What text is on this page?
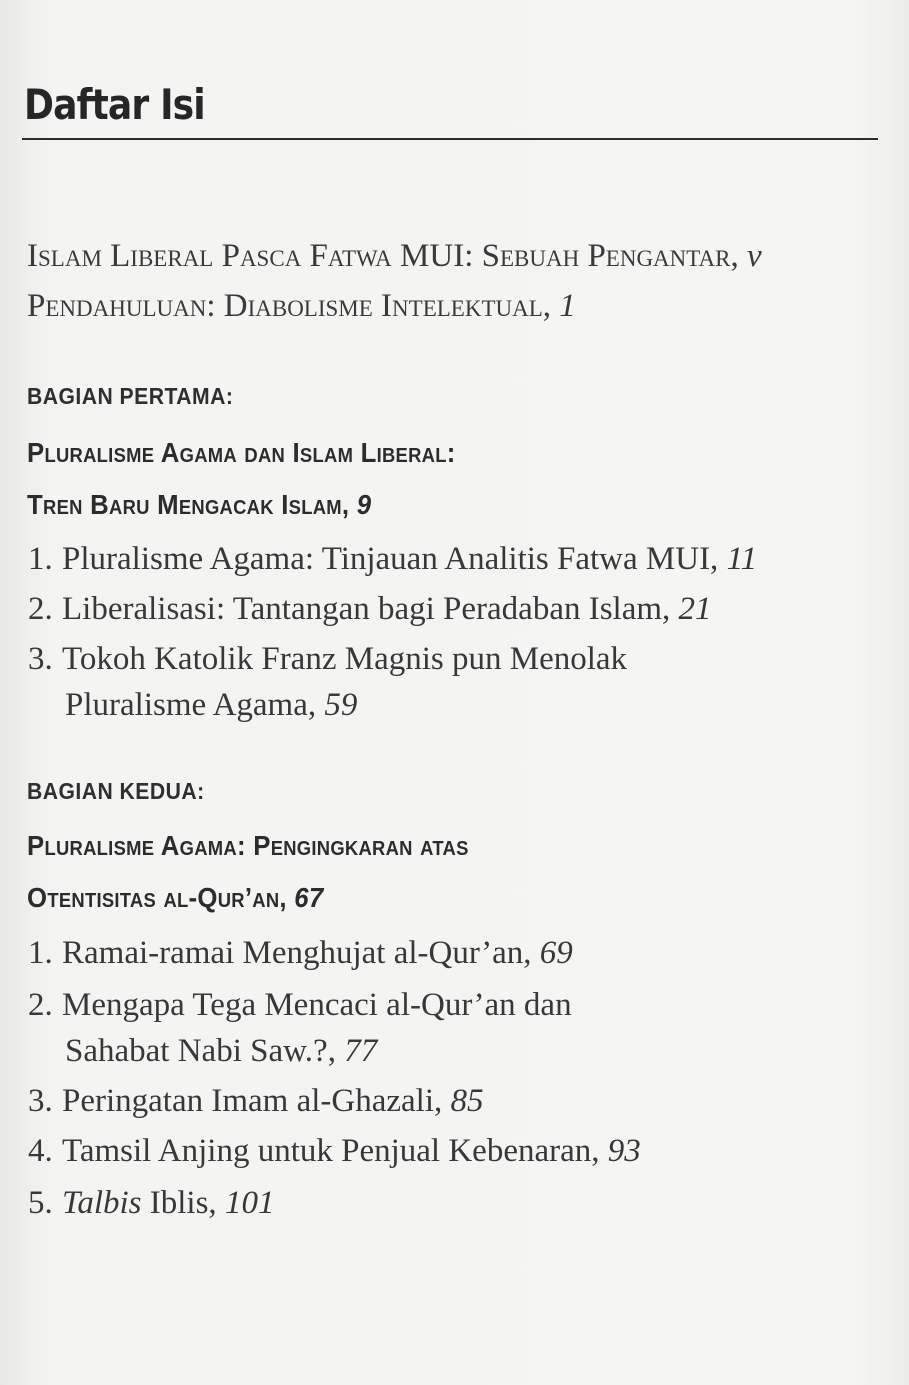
Daftar Isi
Islam Liberal Pasca Fatwa MUI: Sebuah Pengantar, v
Pendahuluan: Diabolisme Intelektual, 1
BAGIAN PERTAMA:
Pluralisme Agama dan Islam Liberal:
Tren Baru Mengacak Islam, 9
1. Pluralisme Agama: Tinjauan Analitis Fatwa MUI, 11
2. Liberalisasi: Tantangan bagi Peradaban Islam, 21
3. Tokoh Katolik Franz Magnis pun Menolak
Pluralisme Agama, 59
BAGIAN KEDUA:
Pluralisme Agama: Pengingkaran atas
Otentisitas al-Qur’an, 67
1. Ramai-ramai Menghujat al-Qur’an, 69
2. Mengapa Tega Mencaci al-Qur’an dan
Sahabat Nabi Saw.?, 77
3. Peringatan Imam al-Ghazali, 85
4. Tamsil Anjing untuk Penjual Kebenaran, 93
5. Talbis Iblis, 101
